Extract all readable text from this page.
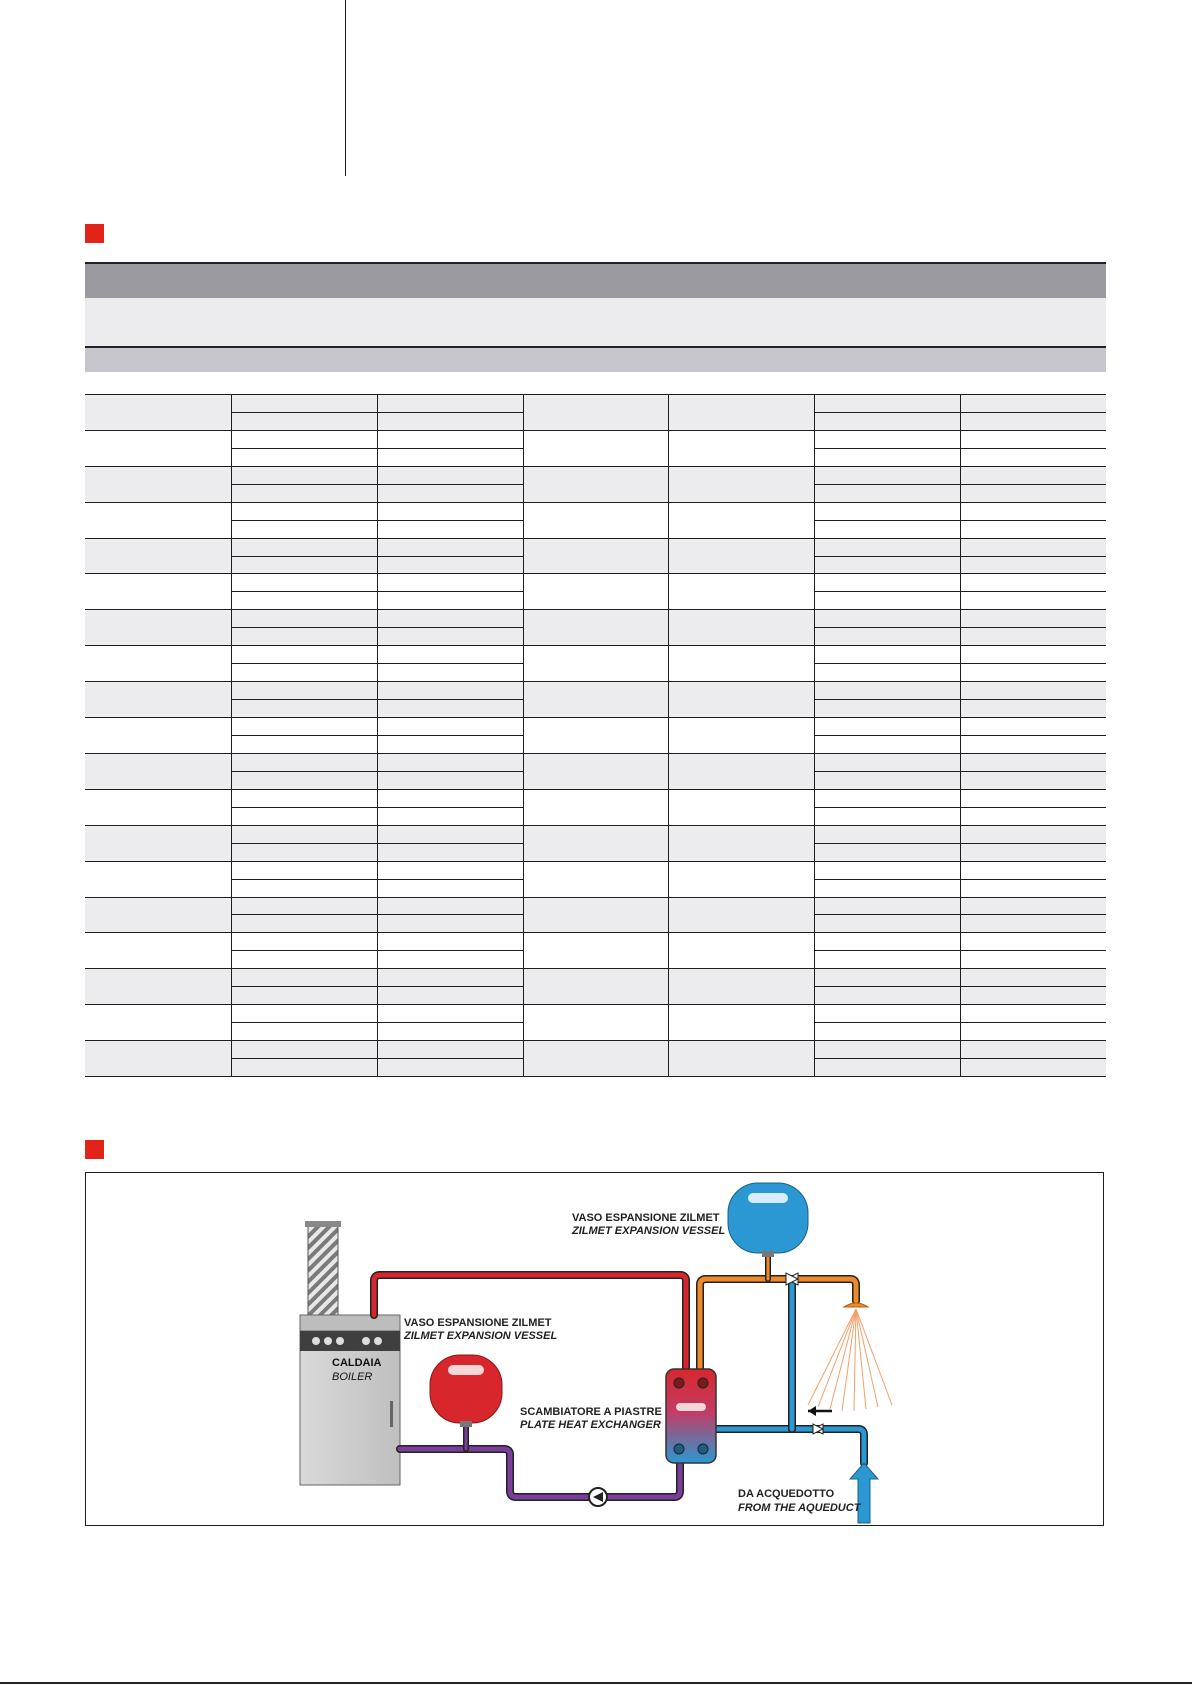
CALDAIA
BOILER
VASO ESPANSIONE ZILMET
ZILMET EXPANSION VESSEL
VASO ESPANSIONE ZILMET
ZILMET EXPANSION VESSEL
SCAMBIATORE A PIASTRE
PLATE HEAT EXCHANGER
DA ACQUEDOTTO
FROM THE AQUEDUCT
